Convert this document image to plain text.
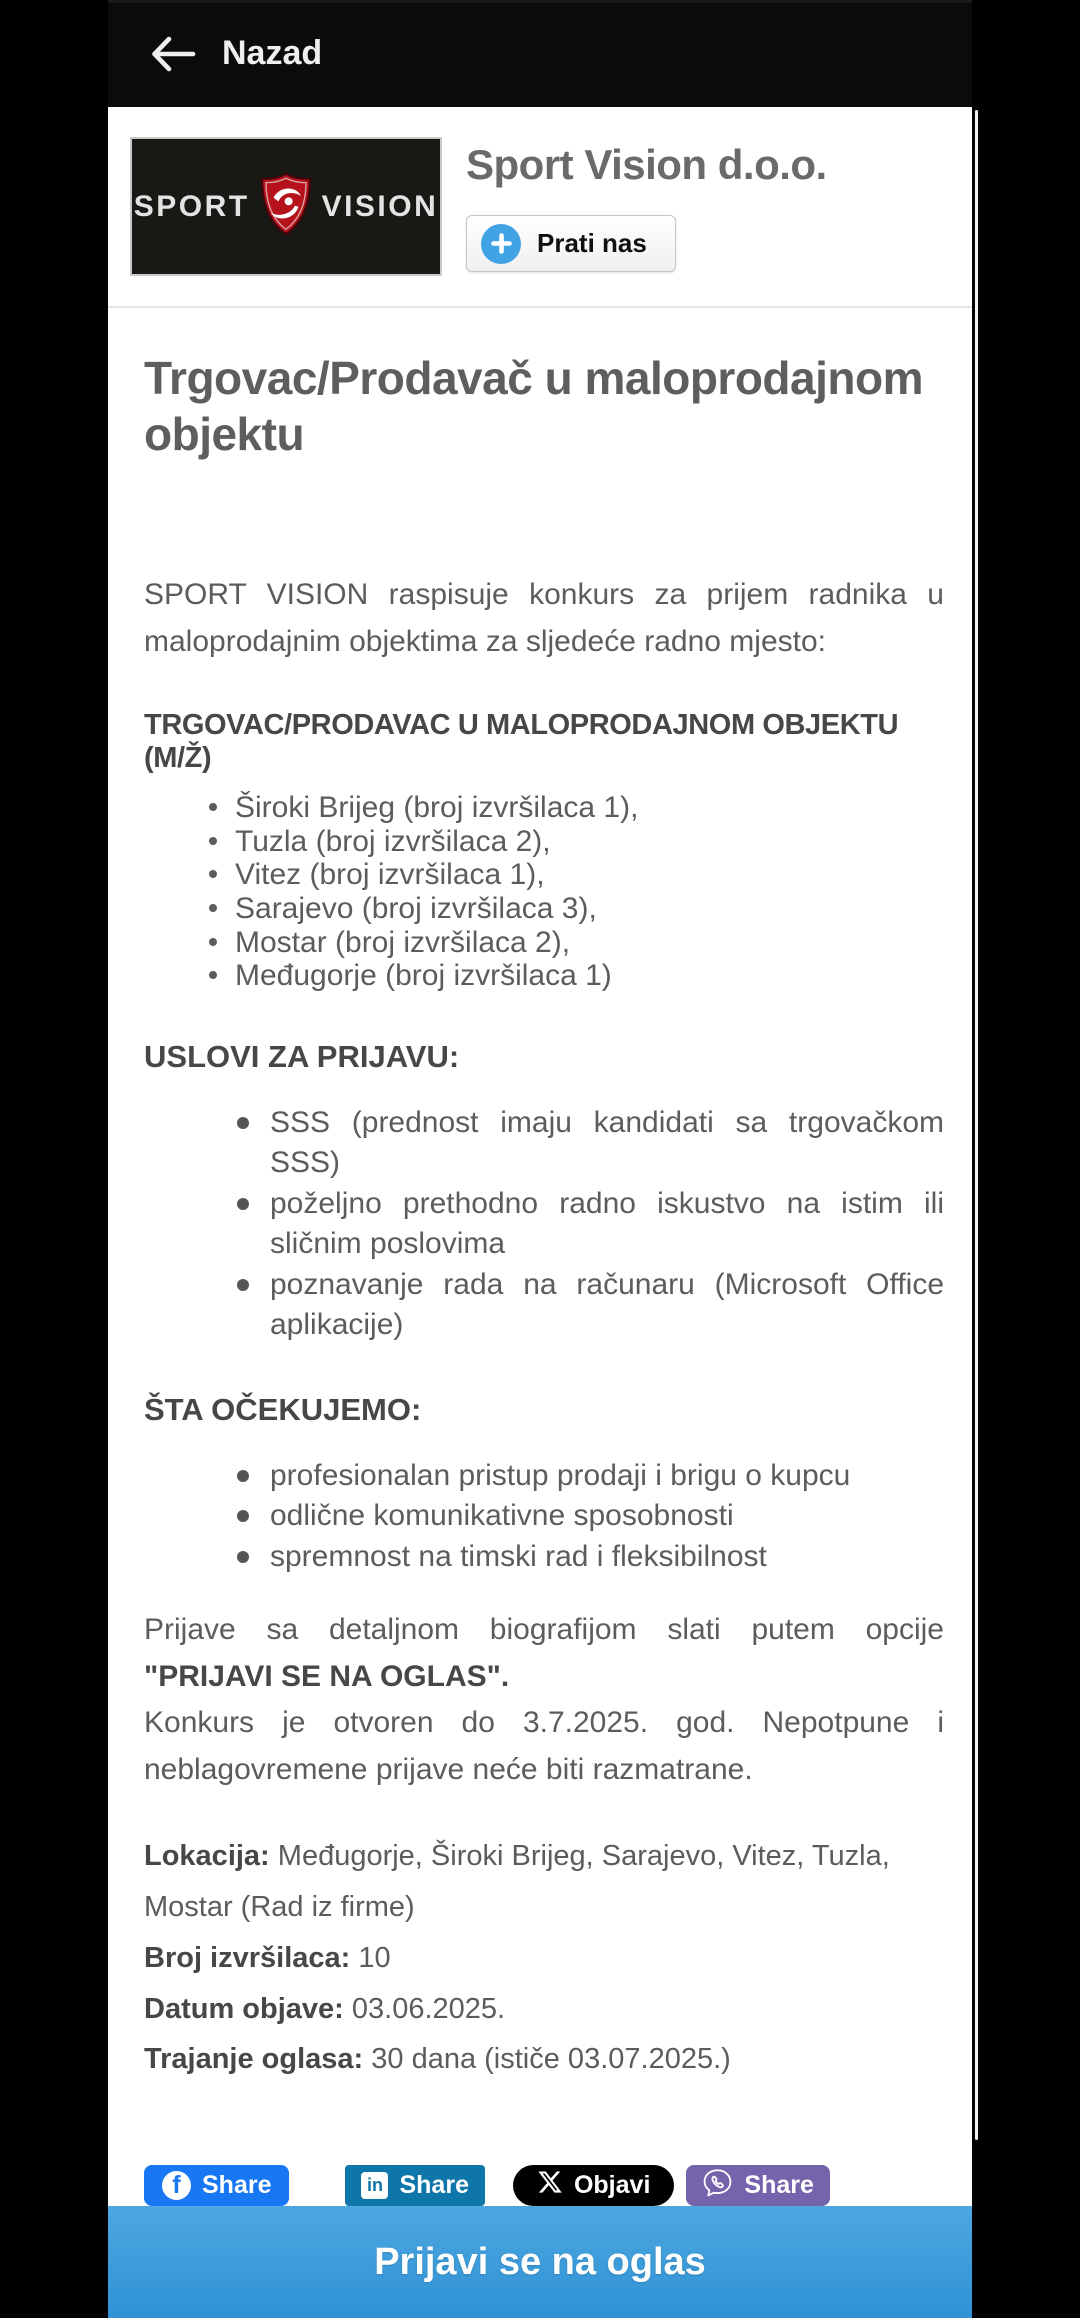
Nazad
SPORT VISION
Sport Vision d.o.o.
Prati nas
Trgovac/Prodavač u maloprodajnom objektu

SPORT VISION raspisuje konkurs za prijem radnika u maloprodajnim objektima za sljedeće radno mjesto:

TRGOVAC/PRODAVAC U MALOPRODAJNOM OBJEKTU (M/Ž)
Široki Brijeg (broj izvršilaca 1),
Tuzla (broj izvršilaca 2),
Vitez (broj izvršilaca 1),
Sarajevo (broj izvršilaca 3),
Mostar (broj izvršilaca 2),
Međugorje (broj izvršilaca 1)
USLOVI ZA PRIJAVU:
SSS (prednost imaju kandidati sa trgovačkom SSS)
poželjno prethodno radno iskustvo na istim ili sličnim poslovima
poznavanje rada na računaru (Microsoft Office aplikacije)
ŠTA OČEKUJEMO:
profesionalan pristup prodaji i brigu o kupcu
odlične komunikativne sposobnosti
spremnost na timski rad i fleksibilnost

Prijave sa detaljnom biografijom slati putem opcije "PRIJAVI SE NA OGLAS".

Konkurs je otvoren do 3.7.2025. god. Nepotpune i neblagovremene prijave neće biti razmatrane.

Lokacija: Međugorje, Široki Brijeg, Sarajevo, Vitez, Tuzla, Mostar (Rad iz firme)

Broj izvršilaca: 10

Datum objave: 03.06.2025.

Trajanje oglasa: 30 dana (ističe 03.07.2025.)

f Share	in Share	Objavi	Share
Prijavi se na oglas
